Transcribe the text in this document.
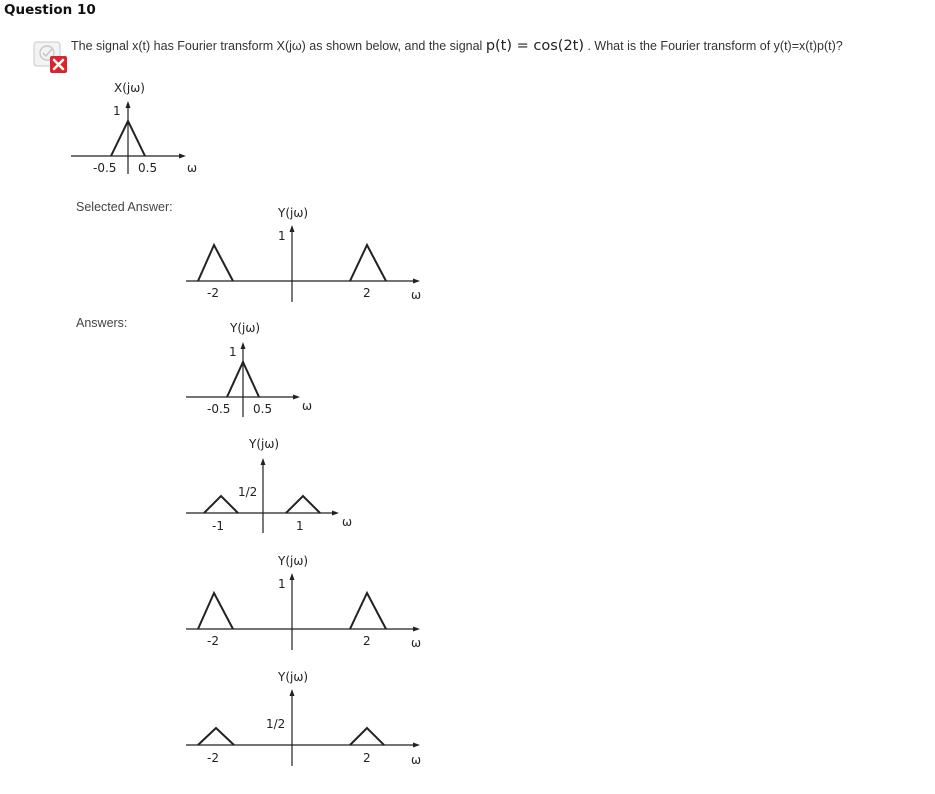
Question 10
The signal x(t) has Fourier transform X(jω) as shown below, and the signal p(t) = cos(2t) . What is the Fourier transform of y(t)=x(t)p(t)?
Selected Answer:
Answers:
X(jω)
1
-0.5 0.5 ω
Y(jω)
1
-2	2	ω
Y(jω)
1
-0.5 0.5 ω
Y(jω)
1/2
-1	1	ω
Y(jω)
1
-2	2	ω
Y(jω)
1/2
-2	2	ω
